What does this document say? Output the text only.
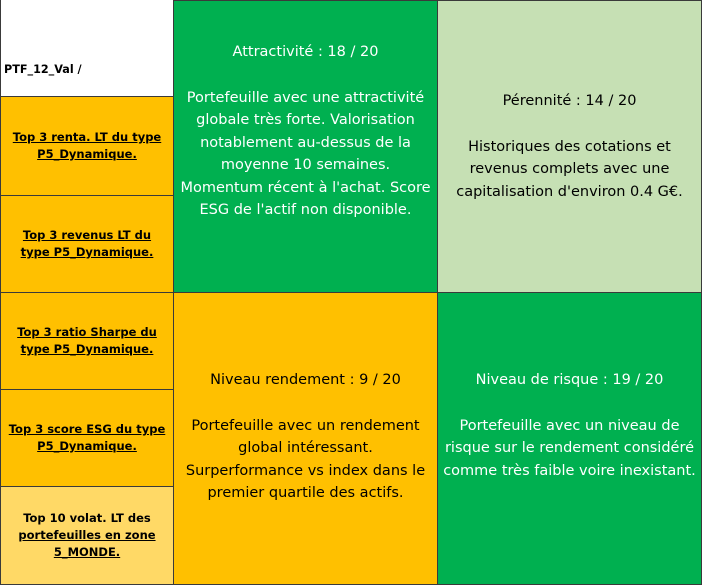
PTF_12_Val /

Top 3 renta. LT du type P5_Dynamique.
Top 3 revenus LT du type P5_Dynamique.
Top 3 ratio Sharpe du type P5_Dynamique.
Top 3 score ESG du type P5_Dynamique.
Top 10 volat. LT des portefeuilles en zone 5_MONDE.
Attractivité : 18 / 20
Portefeuille avec une attractivité globale très forte. Valorisation notablement au-dessus de la moyenne 10 semaines. Momentum récent à l'achat. Score ESG de l'actif non disponible.
Pérennité : 14 / 20
Historiques des cotations et revenus complets avec une capitalisation d'environ 0.4 G€.
Niveau rendement : 9 / 20
Portefeuille avec un rendement global intéressant. Surperformance vs index dans le premier quartile des actifs.
Niveau de risque : 19 / 20
Portefeuille avec un niveau de risque sur le rendement considéré comme très faible voire inexistant.
